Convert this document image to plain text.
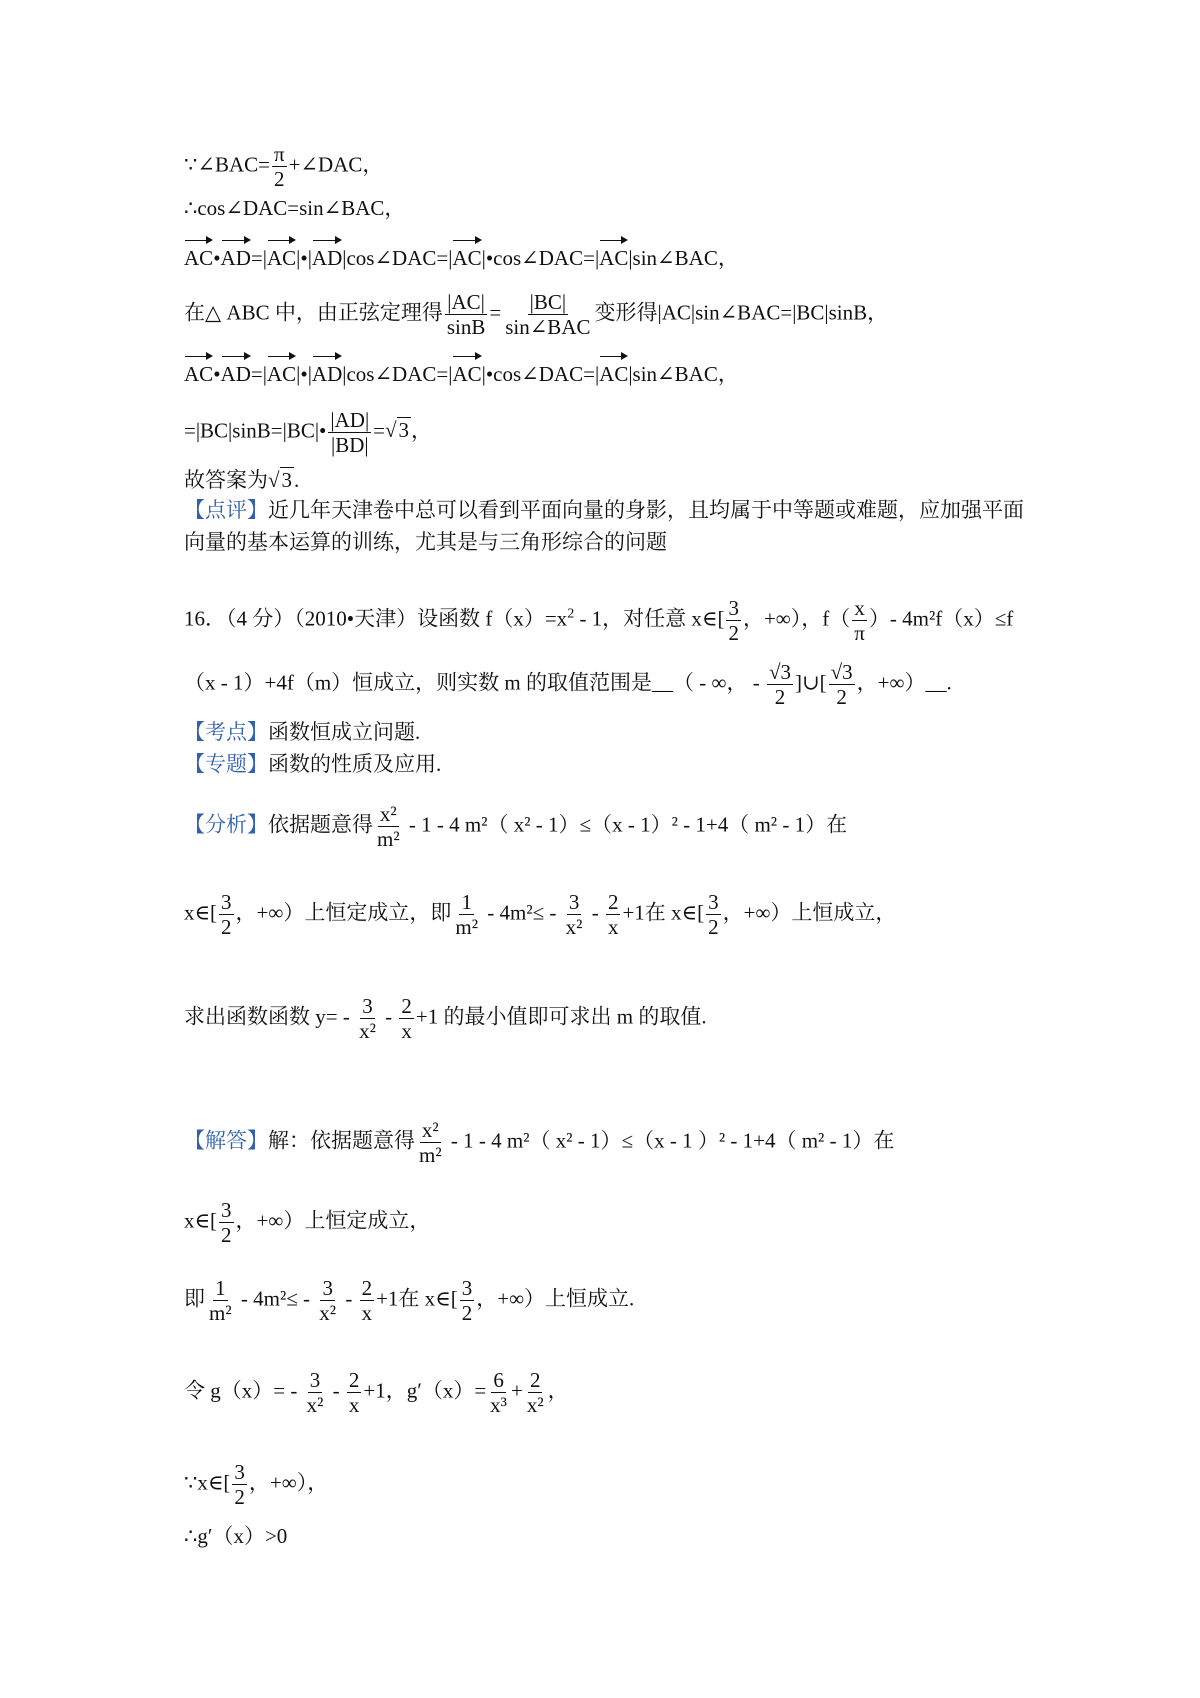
∵∠BAC= $\frac{\pi}{2}$ +∠DAC，
∴cos∠DAC=sin∠BAC，
AC•AD=|AC|•|AD|cos∠DAC=|AC|•cos∠DAC=|AC|sin∠BAC，
在△ ABC 中，由正弦定理得 $\frac{|AC|}{\sin B} = \frac{|BC|}{\text{sin∠BAC}}$ 变形得|AC|sin∠BAC=|BC|sinB，
AC•AD=|AC|•|AD|cos∠DAC=|AC|•cos∠DAC=|AC|sin∠BAC，
=|BC|sinB=|BC|• $\frac{|AD|}{|BD|} =√3$，
故答案为√3.
【点评】近几年天津卷中总可以看到平面向量的身影，且均属于中等题或难题，应加强平面
向量的基本运算的训练，尤其是与三角形综合的问题
16．（4 分）（2010•天津）设函数 $f(x)=x^2 - 1$，对任意 x∈[ $\frac{3}{2}$ ，+∞），$f( \frac{x}{\pi}$ ）- 4m²f（x）≤f
（x - 1）+4f（m）恒成立，则实数 m 的取值范围是__（ - ∞， - $\frac{√3}{2}$ ]∪[ $\frac{√3}{2}$ ，+∞）__.
【考点】函数恒成立问题.
【专题】函数的性质及应用.
【分析】依据题意得 $\frac{\text{x²}}{\text{m²}} - 1 - 4$ m²（ x² - 1）≤（x - 1）² - 1+4（ m² - 1）在
x∈[ $\frac{3}{2}$ ，+∞）上恒定成立，即 $\frac{1}{\text{m²}} - 4m^2\le - \frac{3}{\text{x²}} - \frac{2}{x} +1$在 x∈[ $\frac{3}{2}$ ，+∞）上恒成立，
求出函数函数 $y= - \frac{3}{\text{x²}} - \frac{2}{x} +1$ 的最小值即可求出 m 的取值.
【解答】解：依据题意得 $\frac{\text{x²}}{\text{m²}} - 1 - 4$ m²（ x² - 1）≤（x - 1 ）² - 1+4（ m² - 1）在
x∈[ $\frac{3}{2}$ ，+∞）上恒定成立，
即 $\frac{1}{\text{m²}} - 4m^2\le - \frac{3}{\text{x²}} - \frac{2}{x} +1$在 x∈[ $\frac{3}{2}$ ，+∞）上恒成立.
令 $g(x)= - \frac{3}{\text{x²}} - \frac{2}{x} +1$，$g'(x)= \frac{6}{\text{x³}} + \frac{2}{\text{x²}}$ ，
∵x∈[ $\frac{3}{2}$ ，+∞），
∴g′（x）>0
